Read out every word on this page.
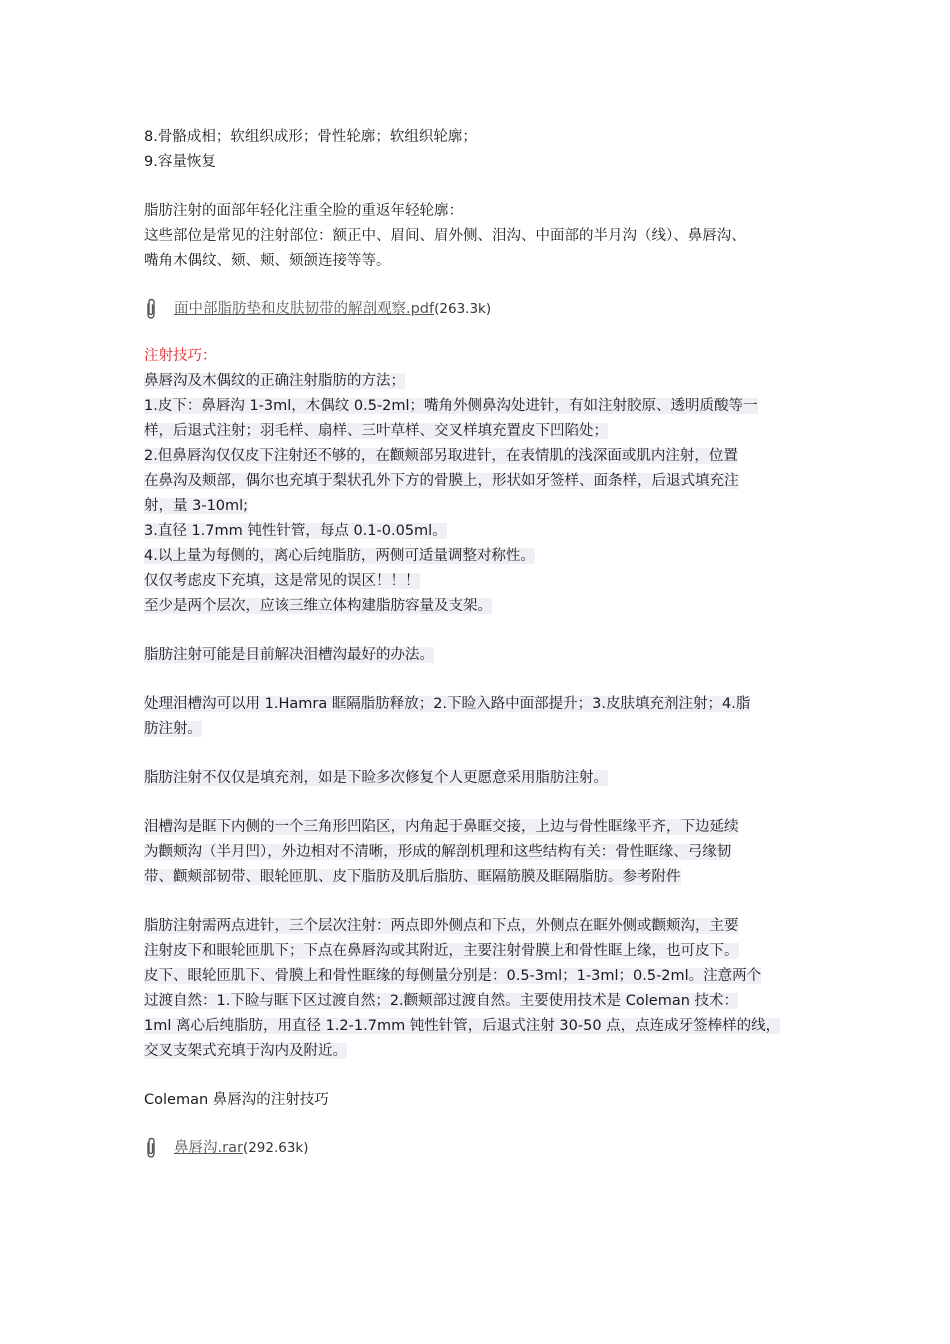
8.骨骼成相；软组织成形；骨性轮廓；软组织轮廓；
9.容量恢复
脂肪注射的面部年轻化注重全脸的重返年轻轮廓：
这些部位是常见的注射部位：额正中、眉间、眉外侧、泪沟、中面部的半月沟（线）、鼻唇沟、
嘴角木偶纹、颏、颊、颏颌连接等等。
面中部脂肪垫和皮肤韧带的解剖观察.pdf(263.3k)
注射技巧：
鼻唇沟及木偶纹的正确注射脂肪的方法；
1.皮下：鼻唇沟 1-3ml，木偶纹 0.5-2ml；嘴角外侧鼻沟处进针，有如注射胶原、透明质酸等一
样，后退式注射；羽毛样、扇样、三叶草样、交叉样填充置皮下凹陷处；
2.但鼻唇沟仅仅皮下注射还不够的，在颧颊部另取进针，在表情肌的浅深面或肌内注射，位置
在鼻沟及颊部，偶尔也充填于梨状孔外下方的骨膜上，形状如牙签样、面条样，后退式填充注
射，量 3-10ml;
3.直径 1.7mm 钝性针管，每点 0.1-0.05ml。
4.以上量为每侧的，离心后纯脂肪，两侧可适量调整对称性。
仅仅考虑皮下充填，这是常见的误区！！！
至少是两个层次，应该三维立体构建脂肪容量及支架。
脂肪注射可能是目前解决泪槽沟最好的办法。
处理泪槽沟可以用 1.Hamra 眶隔脂肪释放；2.下睑入路中面部提升；3.皮肤填充剂注射；4.脂
肪注射。
脂肪注射不仅仅是填充剂，如是下睑多次修复个人更愿意采用脂肪注射。
泪槽沟是眶下内侧的一个三角形凹陷区，内角起于鼻眶交接，上边与骨性眶缘平齐，下边延续
为颧颊沟（半月凹），外边相对不清晰，形成的解剖机理和这些结构有关：骨性眶缘、弓缘韧
带、颧颊部韧带、眼轮匝肌、皮下脂肪及肌后脂肪、眶隔筋膜及眶隔脂肪。参考附件
脂肪注射需两点进针，三个层次注射：两点即外侧点和下点，外侧点在眶外侧或颧颊沟，主要
注射皮下和眼轮匝肌下；下点在鼻唇沟或其附近，主要注射骨膜上和骨性眶上缘，也可皮下。
皮下、眼轮匝肌下、骨膜上和骨性眶缘的每侧量分别是：0.5-3ml；1-3ml；0.5-2ml。注意两个
过渡自然：1.下睑与眶下区过渡自然；2.颧颊部过渡自然。主要使用技术是 Coleman 技术：
1ml 离心后纯脂肪，用直径 1.2-1.7mm 钝性针管，后退式注射 30-50 点，点连成牙签棒样的线，
交叉支架式充填于沟内及附近。
Coleman 鼻唇沟的注射技巧
鼻唇沟.rar(292.63k)
